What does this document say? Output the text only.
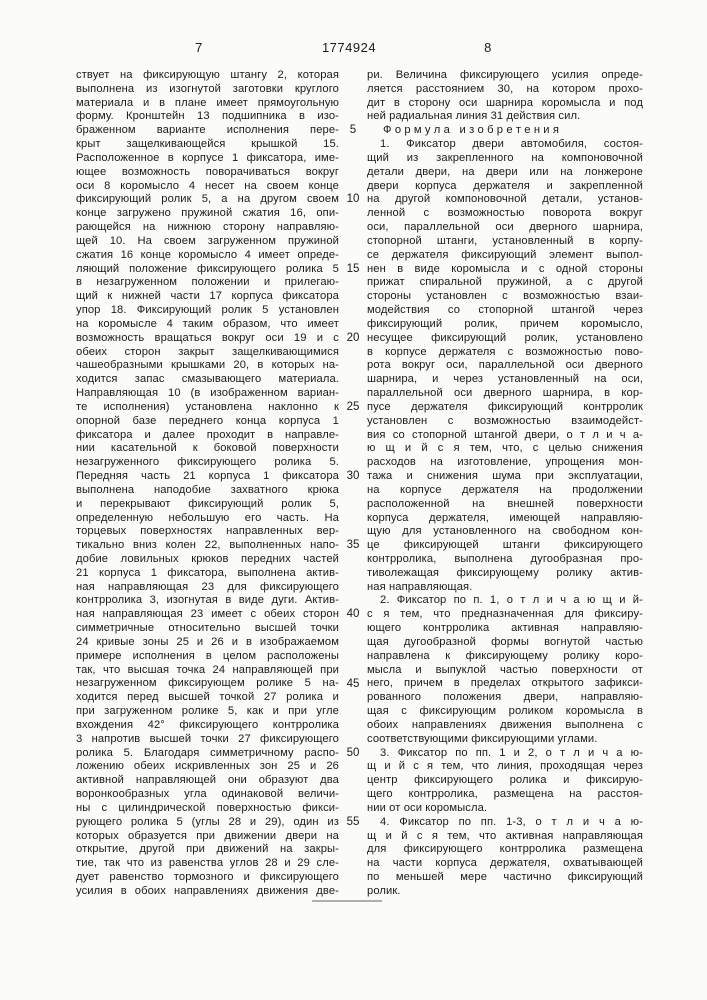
7	1774924	8
ствует на фиксирующую штангу 2, которая
выполнена из изогнутой заготовки круглого
материала и в плане имеет прямоугольную
форму. Кронштейн 13 подшипника в изо-
браженном варианте исполнения пере-
крыт защелкивающейся крышкой 15.
Расположенное в корпусе 1 фиксатора, име-
ющее возможность поворачиваться вокруг
оси 8 коромысло 4 несет на своем конце
фиксирующий ролик 5, а на другом своем
конце загружено пружиной сжатия 16, опи-
рающейся на нижнюю сторону направляю-
щей 10. На своем загруженном пружиной
сжатия 16 конце коромысло 4 имеет опреде-
ляющий положение фиксирующего ролика 5
в незагруженном положении и прилегаю-
щий к нижней части 17 корпуса фиксатора
упор 18. Фиксирующий ролик 5 установлен
на коромысле 4 таким образом, что имеет
возможность вращаться вокруг оси 19 и с
обеих сторон закрыт защелкивающимися
чашеобразными крышками 20, в которых на-
ходится запас смазывающего материала.
Направляющая 10 (в изображенном вариан-
те исполнения) установлена наклонно к
опорной базе переднего конца корпуса 1
фиксатора и далее проходит в направле-
нии касательной к боковой поверхности
незагруженного фиксирующего ролика 5.
Передняя часть 21 корпуса 1 фиксатора
выполнена наподобие захватного крюка
и перекрывают фиксирующий ролик 5,
определенную небольшую его часть. На
торцевых поверхностях направленных вер-
тикально вниз колен 22, выполненных напо-
добие ловильных крюков передних частей
21 корпуса 1 фиксатора, выполнена актив-
ная направляющая 23 для фиксирующего
контрролика 3, изогнутая в виде дуги. Актив-
ная направляющая 23 имеет с обеих сторон
симметричные относительно высшей точки
24 кривые зоны 25 и 26 и в изображаемом
примере исполнения в целом расположены
так, что высшая точка 24 направляющей при
незагруженном фиксирующем ролике 5 на-
ходится перед высшей точкой 27 ролика и
при загруженном ролике 5, как и при угле
вхождения 42° фиксирующего контрролика
3 напротив высшей точки 27 фиксирующего
ролика 5. Благодаря симметричному распо-
ложению обеих искривленных зон 25 и 26
активной направляющей они образуют два
воронкообразных угла одинаковой величи-
ны с цилиндрической поверхностью фикси-
рующего ролика 5 (углы 28 и 29), один из
которых образуется при движении двери на
открытие, другой при движений на закры-
тие, так что из равенства углов 28 и 29 сле-
дует равенство тормозного и фиксирующего
усилия в обоих направлениях движения две-
5
10
15
20
25
30
35
40
45
50
55
ри. Величина фиксирующего усилия опреде-
ляется расстоянием 30, на котором прохо-
дит в сторону оси шарнира коромысла и под
ней радиальная линия 31 действия сил.
Ф о р м у л а   и з о б р е т е н и я
1. Фиксатор двери автомобиля, состоя-
щий из закрепленного на компоновочной
детали двери, на двери или на лонжероне
двери корпуса держателя и закрепленной
на другой компоновочной детали, установ-
ленной с возможностью поворота вокруг
оси, параллельной оси дверного шарнира,
стопорной штанги, установленный в корпу-
се держателя фиксирующий элемент выпол-
нен в виде коромысла и с одной стороны
прижат спиральной пружиной, а с другой
стороны установлен с возможностью взаи-
модействия со стопорной штангой через
фиксирующий ролик, причем коромысло,
несущее фиксирующий ролик, установлено
в корпусе держателя с возможностью пово-
рота вокруг оси, параллельной оси дверного
шарнира, и через установленный на оси,
параллельной оси дверного шарнира, в кор-
пусе держателя фиксирующий контрролик
установлен с возможностью взаимодейст-
вия со стопорной штангой двери, о т л и ч а-
ю щ и й с я тем, что, с целью снижения
расходов на изготовление, упрощения мон-
тажа и снижения шума при эксплуатации,
на корпусе держателя на продолжении
расположенной на внешней поверхности
корпуса держателя, имеющей направляю-
щую для установленного на свободном кон-
це фиксирующей штанги фиксирующего
контрролика, выполнена дугообразная про-
тиволежащая фиксирующему ролику актив-
ная направляющая.
2. Фиксатор по п. 1, о т л и ч а ю щ и й-
с я тем, что предназначенная для фиксиру-
ющего контрролика активная направляю-
щая дугообразной формы вогнутой частью
направлена к фиксирующему ролику коро-
мысла и выпуклой частью поверхности от
него, причем в пределах открытого зафикси-
рованного положения двери, направляю-
щая с фиксирующим роликом коромысла в
обоих направлениях движения выполнена с
соответствующими фиксирующими углами.
3. Фиксатор по пп. 1 и 2, о т л и ч а ю-
щ и й с я тем, что линия, проходящая через
центр фиксирующего ролика и фиксирую-
щего контрролика, размещена на расстоя-
нии от оси коромысла.
4. Фиксатор по пп. 1-3, о т л и ч а ю-
щ и й с я тем, что активная направляющая
для фиксирующего контрролика размещена
на части корпуса держателя, охватывающей
по меньшей мере частично фиксирующий
ролик.
